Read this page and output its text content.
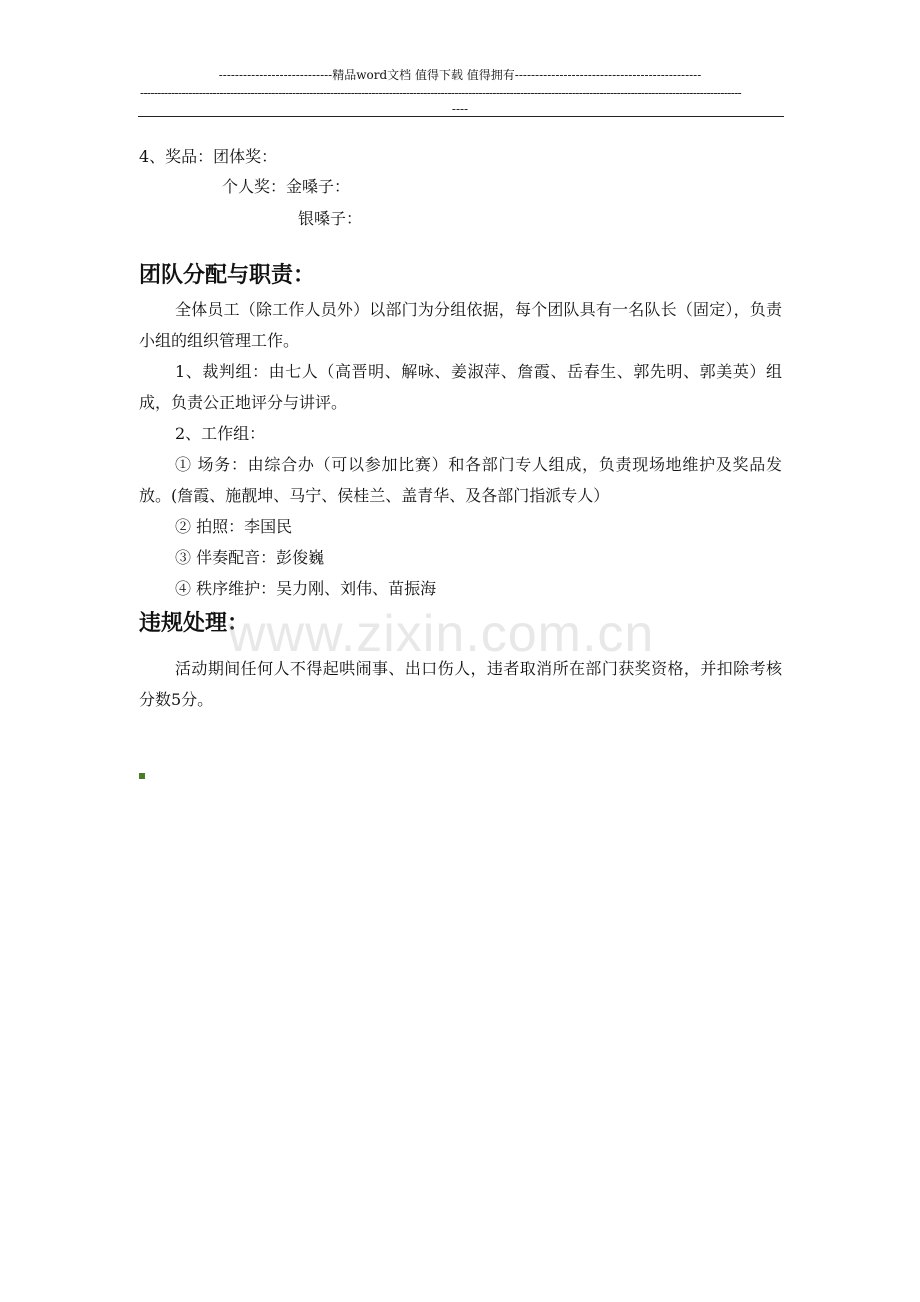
----------------------------精品word文档 值得下载 值得拥有----------------------------------------------
------------------------------------------------------------------------------------------------------------------------------------------------------------------------------
----
4、奖品：团体奖：
个人奖：金嗓子：
银嗓子：
团队分配与职责：
全体员工（除工作人员外）以部门为分组依据，每个团队具有一名队长（固定），负责小组的组织管理工作。
1、裁判组：由七人（高晋明、解咏、姜淑萍、詹霞、岳春生、郭先明、郭美英）组成，负责公正地评分与讲评。
2、工作组：
① 场务：由综合办（可以参加比赛）和各部门专人组成，负责现场地维护及奖品发放。(詹霞、施靓坤、马宁、侯桂兰、盖青华、及各部门指派专人）
② 拍照：李国民
③ 伴奏配音：彭俊巍
④ 秩序维护：吴力刚、刘伟、苗振海
违规处理：
活动期间任何人不得起哄闹事、出口伤人，违者取消所在部门获奖资格，并扣除考核分数5分。
www.zixin.com.cn
